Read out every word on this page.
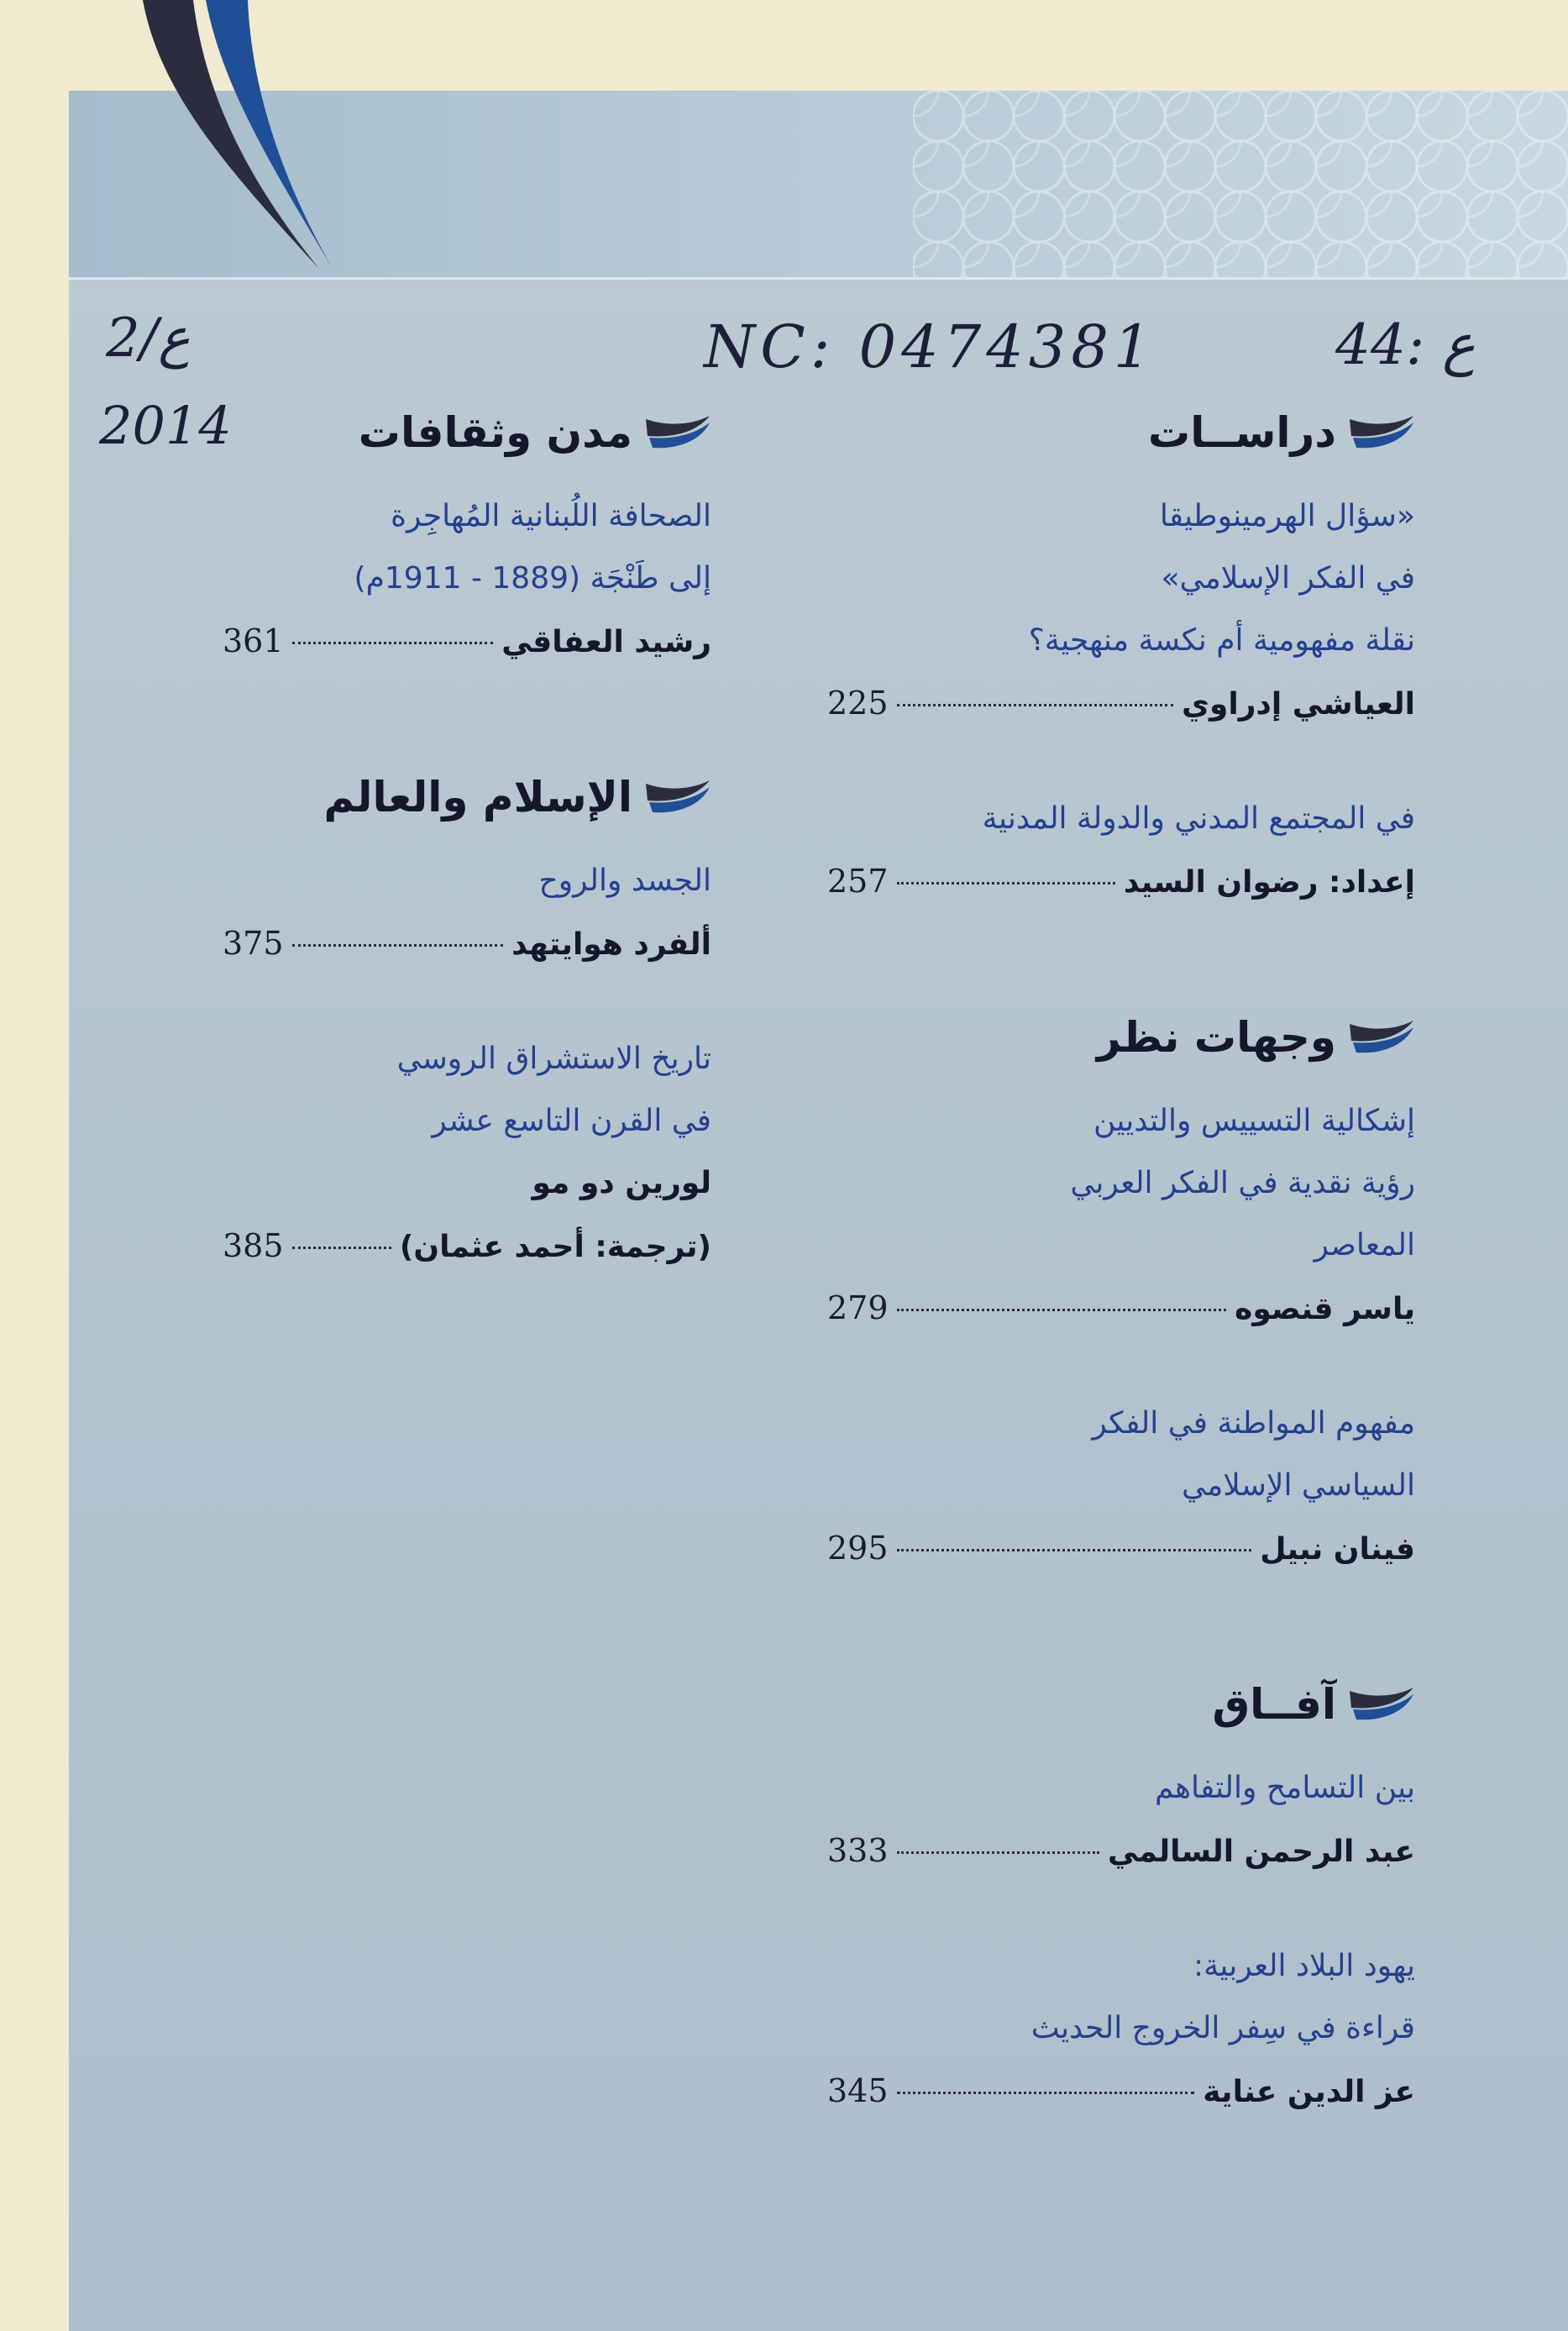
NC: 0474381	44: ع
ع/2
2014	دراســات
«سؤال الهرمينوطيقا
في الفكر الإسلامي»
نقلة مفهومية أم نكسة منهجية؟
العياشي إدراوي
225
في المجتمع المدني والدولة المدنية
إعداد: رضوان السيد
257
وجهات نظر
إشكالية التسييس والتديين
رؤية نقدية في الفكر العربي
المعاصر
ياسر قنصوه
279
مفهوم المواطنة في الفكر
السياسي الإسلامي
فينان نبيل
295
آفــاق
بين التسامح والتفاهم
عبد الرحمن السالمي
333
يهود البلاد العربية:
قراءة في سِفر الخروج الحديث
عز الدين عناية
345
مدن وثقافات
الصحافة اللُبنانية المُهاجِرة
إلى طَنْجَة (1889 - 1911م)
رشيد العفاقي
361
الإسلام والعالم
الجسد والروح
ألفرد هوايتهد
375
تاريخ الاستشراق الروسي
في القرن التاسع عشر
لورين دو مو
(ترجمة: أحمد عثمان)
385
